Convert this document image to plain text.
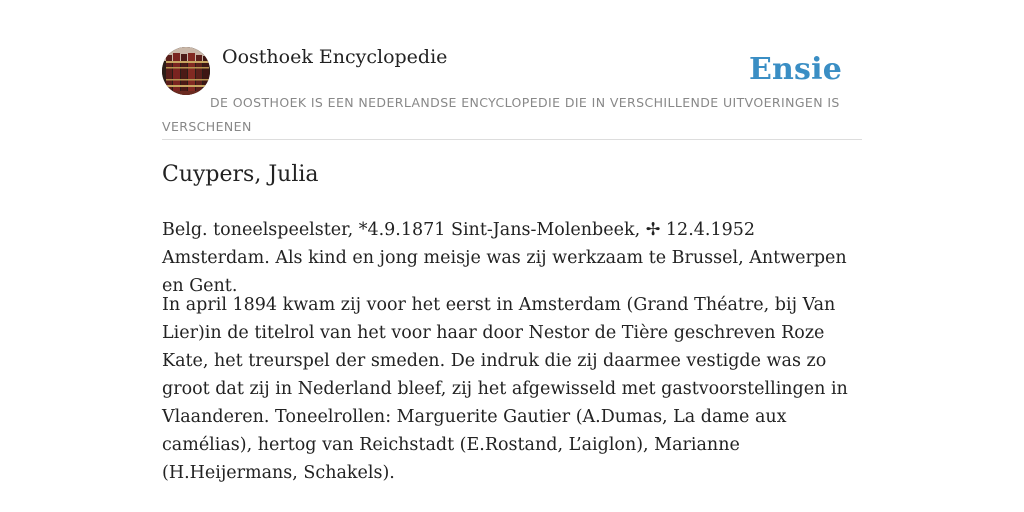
Oosthoek Encyclopedie	Ensie
DE OOSTHOEK IS EEN NEDERLANDSE ENCYCLOPEDIE DIE IN VERSCHILLENDE UITVOERINGEN IS VERSCHENEN
Cuypers, Julia

Belg. toneelspeelster, *4.9.1871 Sint-Jans-Molenbeek, ✢ 12.4.1952 Amsterdam. Als kind en jong meisje was zij werkzaam te Brussel, Antwerpen en Gent.

In april 1894 kwam zij voor het eerst in Amsterdam (Grand Théatre, bij Van Lier)in de titelrol van het voor haar door Nestor de Tière geschreven Roze Kate, het treurspel der smeden. De indruk die zij daarmee vestigde was zo groot dat zij in Nederland bleef, zij het afgewisseld met gastvoorstellingen in Vlaanderen. Toneelrollen: Marguerite Gautier (A.Dumas, La dame aux camélias), hertog van Reichstadt (E.Rostand, L’aiglon), Marianne (H.Heijermans, Schakels).
